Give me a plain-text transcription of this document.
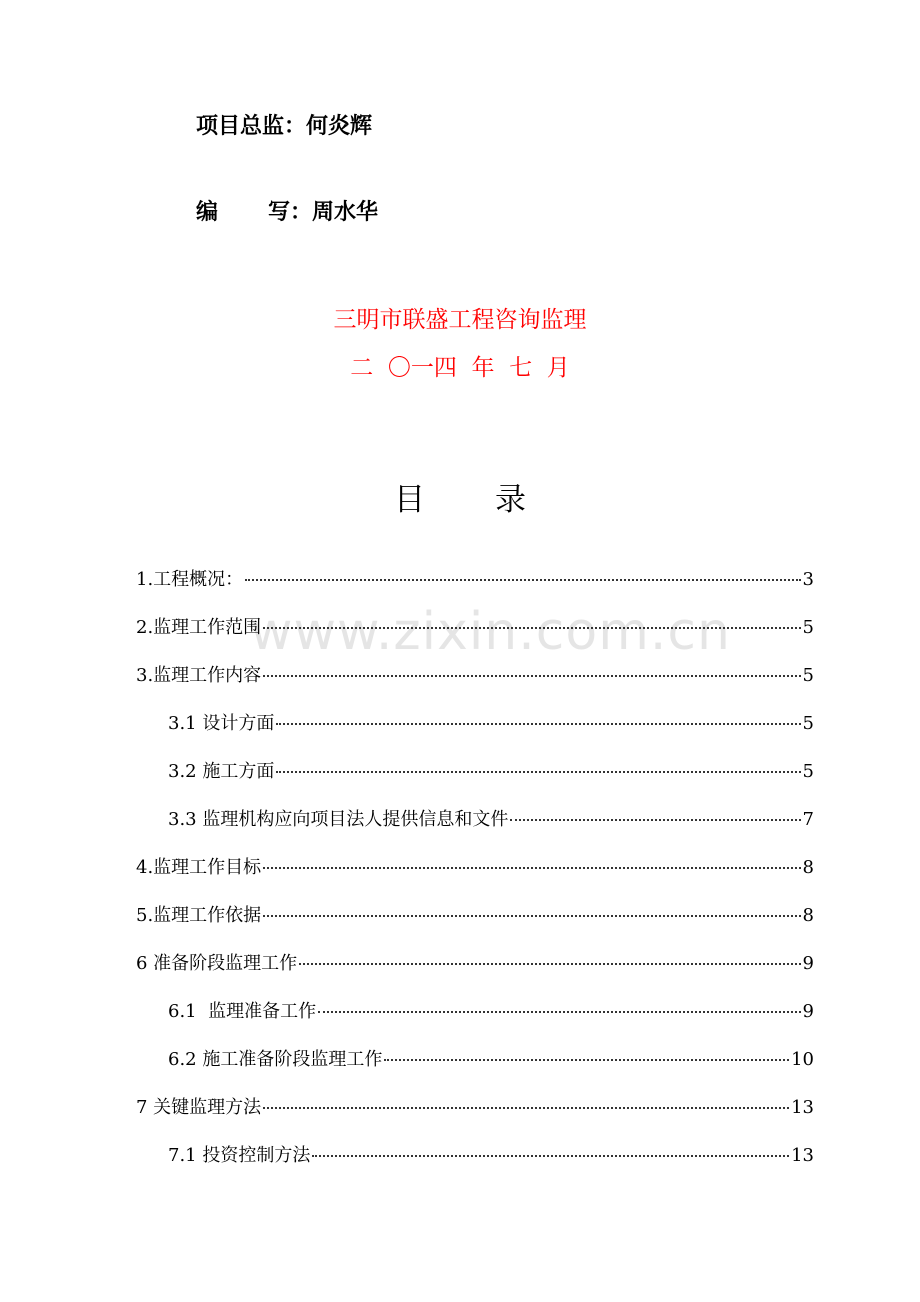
项目总监：何炎辉
编 写：周水华
三明市联盛工程咨询监理
二  〇一四  年  七  月
目 录
www.zixin.com.cn
1.工程概况：	3
2.监理工作范围	5
3.监理工作内容	5
3.1 设计方面	5
3.2 施工方面	5
3.3 监理机构应向项目法人提供信息和文件	7
4.监理工作目标	8
5.监理工作依据	8
6 准备阶段监理工作	9
6.1  监理准备工作	9
6.2 施工准备阶段监理工作	10
7 关键监理方法	13
7.1 投资控制方法	13
